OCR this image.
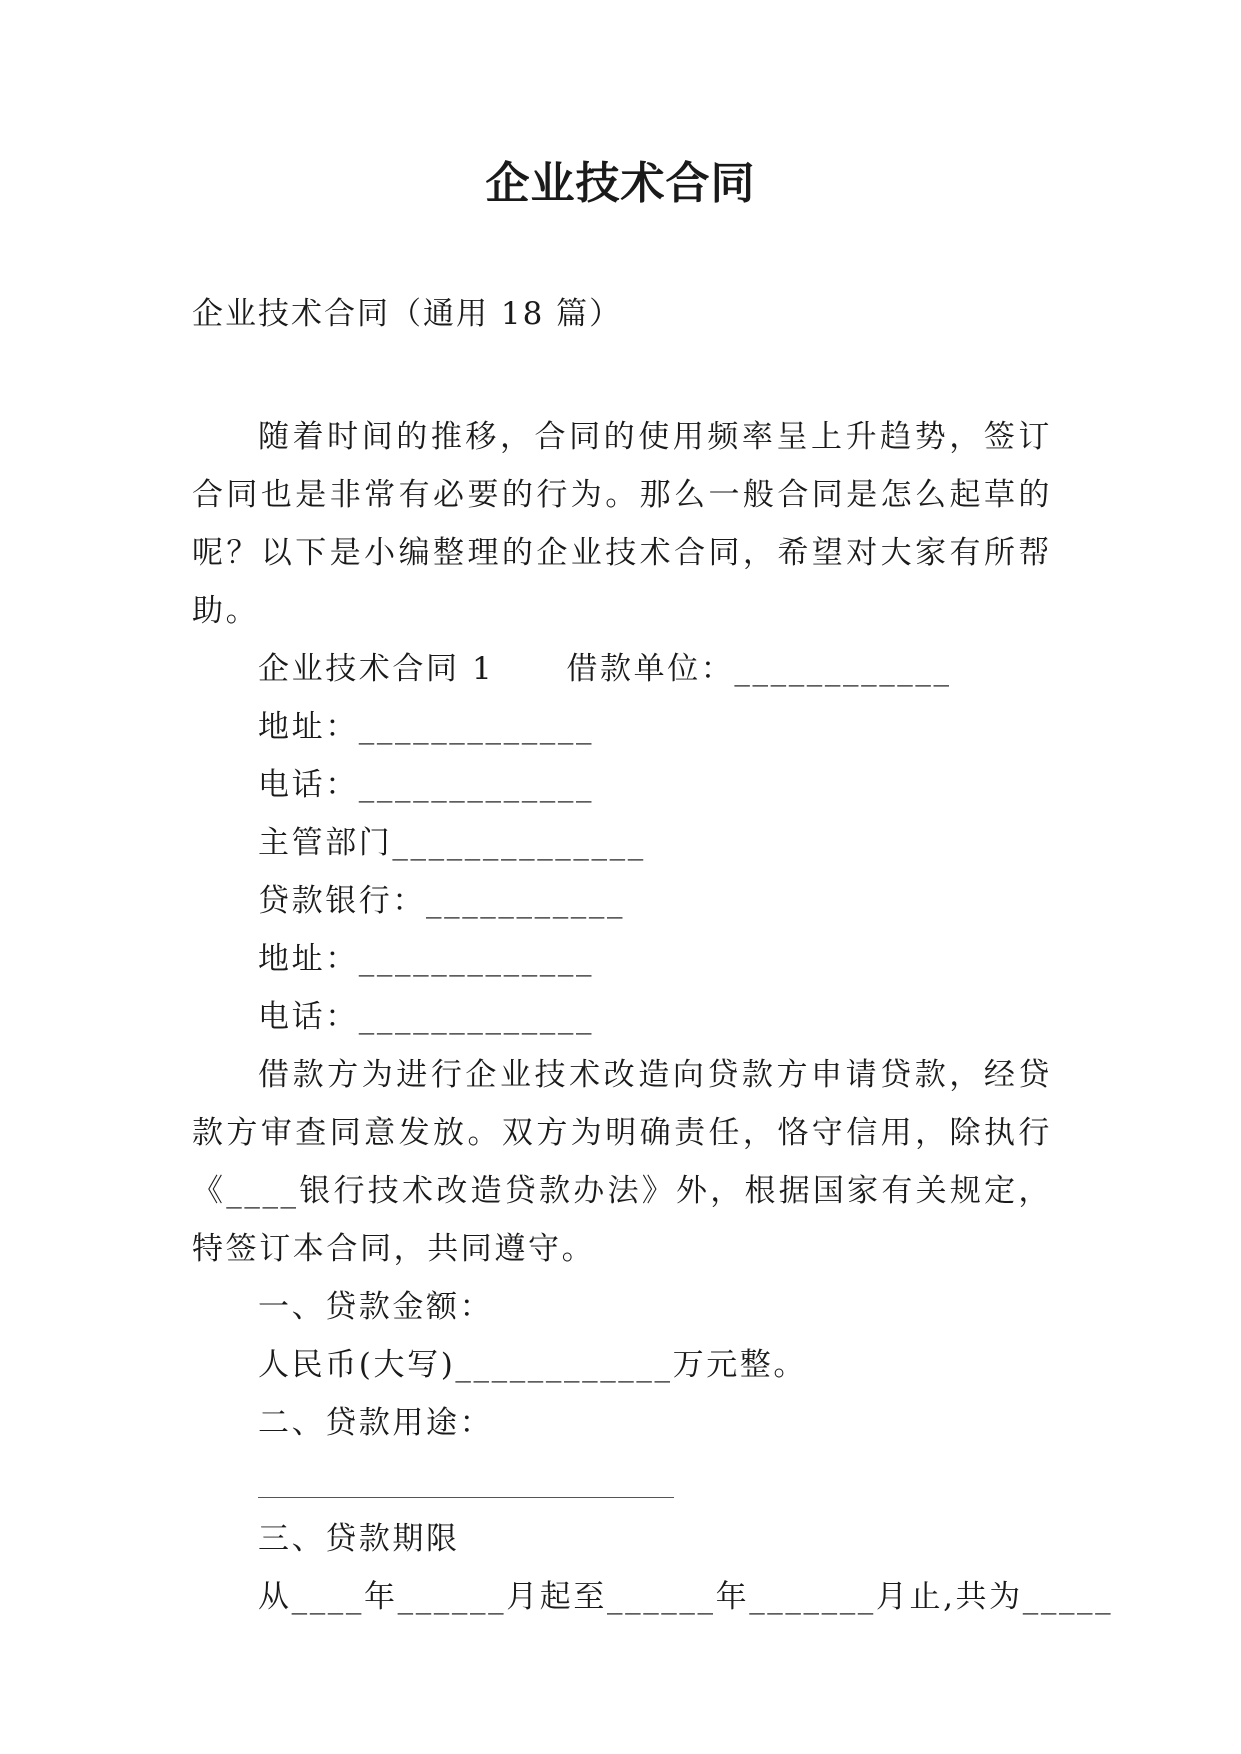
企业技术合同
企业技术合同（通用 18 篇）

随着时间的推移，合同的使用频率呈上升趋势，签订合同也是非常有必要的行为。那么一般合同是怎么起草的呢？以下是小编整理的企业技术合同，希望对大家有所帮助。

企业技术合同 1 借款单位：____________

地址：_____________

电话：_____________

主管部门______________

贷款银行：___________

地址：_____________

电话：_____________

借款方为进行企业技术改造向贷款方申请贷款，经贷款方审查同意发放。双方为明确责任，恪守信用，除执行《____银行技术改造贷款办法》外，根据国家有关规定，特签订本合同，共同遵守。

一、贷款金额：

人民币(大写)____________万元整。

二、贷款用途：

三、贷款期限

从____年______月起至______年_______月止,共为_____
